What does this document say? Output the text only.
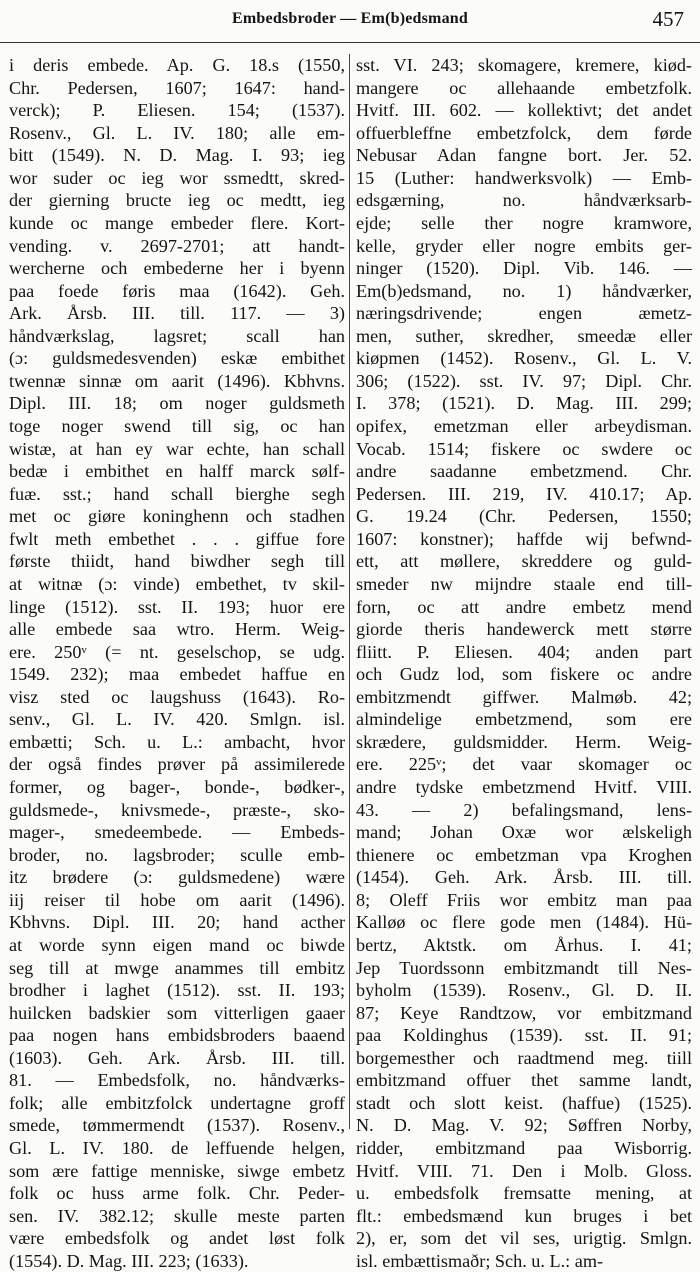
Embedsbroder — Em(b)edsmand	457
i deris embede. Ap. G. 18.s (1550,
Chr. Pedersen, 1607; 1647: hand-
verck); P. Eliesen. 154; (1537).
Rosenv., Gl. L. IV. 180; alle em-
bitt (1549). N. D. Mag. I. 93; ieg
wor suder oc ieg wor ssmedtt, skred-
der gierning bructe ieg oc medtt, ieg
kunde oc mange embeder flere. Kort-
vending. v. 2697-2701; att handt-
wercherne och embederne her i byenn
paa foede føris maa (1642). Geh.
Ark. Årsb. III. till. 117. — 3)
håndværkslag, lagsret; scall han
(ɔ: guldsmedesvenden) eskæ embithet
twennæ sinnæ om aarit (1496). Kbhvns.
Dipl. III. 18; om noger guldsmeth
toge noger swend till sig, oc han
wistæ, at han ey war echte, han schall
bedæ i embithet en halff marck sølf-
fuæ. sst.; hand schall bierghe segh
met oc giøre koninghenn och stadhen
fwlt meth embethet . . . giffue fore
første thiidt, hand biwdher segh till
at witnæ (ɔ: vinde) embethet, tv skil-
linge (1512). sst. II. 193; huor ere
alle embede saa wtro. Herm. Weig-
ere. 250ᵛ (= nt. geselschop, se udg.
1549. 232); maa embedet haffue en
visz sted oc laugshuss (1643). Ro-
senv., Gl. L. IV. 420. Smlgn. isl.
embætti; Sch. u. L.: ambacht, hvor
der også findes prøver på assimilerede
former, og bager-, bonde-, bødker-,
guldsmede-, knivsmede-, præste-, sko-
mager-, smedeembede. — Embeds-
broder, no. lagsbroder; sculle emb-
itz brødere (ɔ: guldsmedene) wære
iij reiser til hobe om aarit (1496).
Kbhvns. Dipl. III. 20; hand acther
at worde synn eigen mand oc biwde
seg till at mwge anammes till embitz
brodher i laghet (1512). sst. II. 193;
huilcken badskier som vitterligen gaaer
paa nogen hans embidsbroders baaend
(1603). Geh. Ark. Årsb. III. till.
81. — Embedsfolk, no. håndværks-
folk; alle embitzfolck undertagne groff
smede, tømmermendt (1537). Rosenv.,
Gl. L. IV. 180. de leffuende helgen,
som ære fattige menniske, siwge embetz
folk oc huss arme folk. Chr. Peder-
sen. IV. 382.12; skulle meste parten
være embedsfolk og andet løst folk
(1554). D. Mag. III. 223; (1633).
sst. VI. 243; skomagere, kremere, kiød-
mangere oc allehaande embetzfolk.
Hvitf. III. 602. — kollektivt; det andet
offuerbleffne embetzfolck, dem førde
Nebusar Adan fangne bort. Jer. 52.
15 (Luther: handwerksvolk) — Emb-
edsgærning, no. håndværksarb-
ejde; selle ther nogre kramwore,
kelle, gryder eller nogre embits ger-
ninger (1520). Dipl. Vib. 146. —
Em(b)edsmand, no. 1) håndværker,
næringsdrivende; engen æmetz-
men, suther, skredher, smeedæ eller
kiøpmen (1452). Rosenv., Gl. L. V.
306; (1522). sst. IV. 97; Dipl. Chr.
I. 378; (1521). D. Mag. III. 299;
opifex, emetzman eller arbeydisman.
Vocab. 1514; fiskere oc swdere oc
andre saadanne embetzmend. Chr.
Pedersen. III. 219, IV. 410.17; Ap.
G. 19.24 (Chr. Pedersen, 1550;
1607: konstner); haffde wij befwnd-
ett, att møllere, skreddere og guld-
smeder nw mijndre staale end till-
forn, oc att andre embetz mend
giorde theris handewerck mett større
fliitt. P. Eliesen. 404; anden part
och Gudz lod, som fiskere oc andre
embitzmendt giffwer. Malmøb. 42;
almindelige embetzmend, som ere
skrædere, guldsmidder. Herm. Weig-
ere. 225ᵛ; det vaar skomager oc
andre tydske embetzmend Hvitf. VIII.
43. — 2) befalingsmand, lens-
mand; Johan Oxæ wor ælskeligh
thienere oc embetzman vpa Kroghen
(1454). Geh. Ark. Årsb. III. till.
8; Oleff Friis wor embitz man paa
Kalløø oc flere gode men (1484). Hü-
bertz, Aktstk. om Århus. I. 41;
Jep Tuordssonn embitzmandt till Nes-
byholm (1539). Rosenv., Gl. D. II.
87; Keye Randtzow, vor embitzmand
paa Koldinghus (1539). sst. II. 91;
borgemesther och raadtmend meg. tiill
embitzmand offuer thet samme landt,
stadt och slott keist. (haffue) (1525).
N. D. Mag. V. 92; Søffren Norby,
ridder, embitzmand paa Wisborrig.
Hvitf. VIII. 71. Den i Molb. Gloss.
u. embedsfolk fremsatte mening, at
flt.: embedsmænd kun bruges i bet
2), er, som det vil ses, urigtig. Smlgn.
isl. embættismaðr; Sch. u. L.: am-
